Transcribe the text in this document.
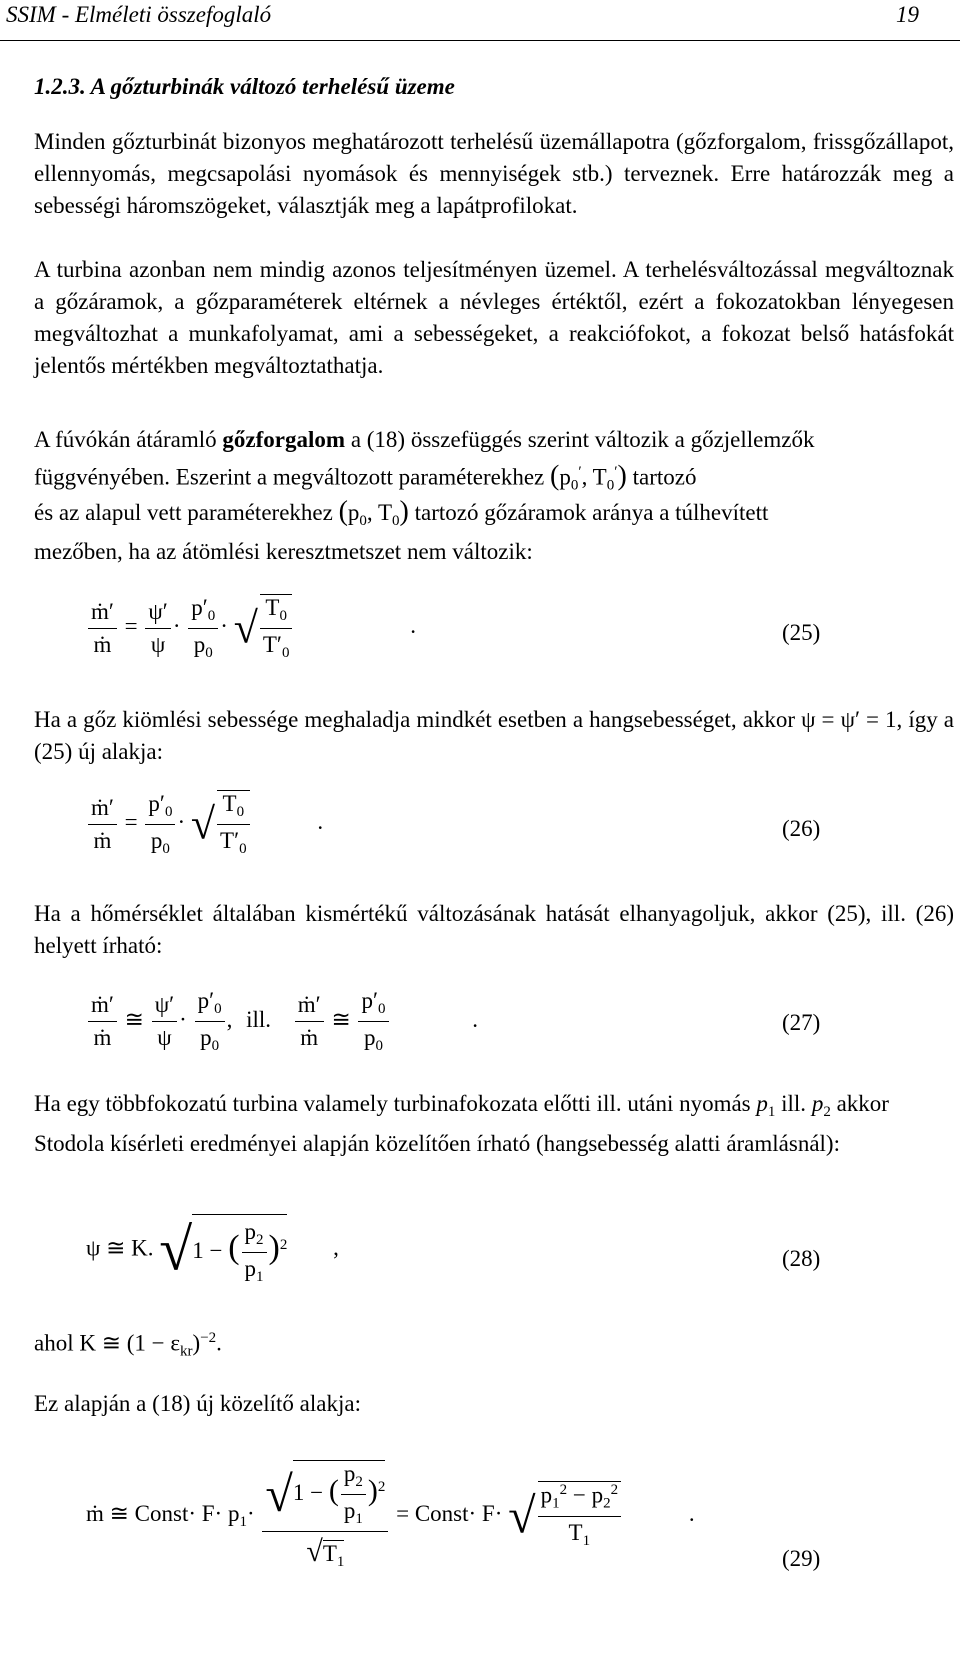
SSIM - Elméleti összefoglaló	19
1.2.3. A gőzturbinák változó terhelésű üzeme

Minden gőzturbinát bizonyos meghatározott terhelésű üzemállapotra (gőzforgalom, frissgőzállapot, ellennyomás, megcsapolási nyomások és mennyiségek stb.) terveznek. Erre határozzák meg a sebességi háromszögeket, választják meg a lapátprofilokat.

A turbina azonban nem mindig azonos teljesítményen üzemel. A terhelésváltozással megváltoznak a gőzáramok, a gőzparaméterek eltérnek a névleges értéktől, ezért a fokozatokban lényegesen megváltozhat a munkafolyamat, ami a sebességeket, a reakciófokot, a fokozat belső hatásfokát jelentős mértékben megváltoztathatja.

A fúvókán átáramló gőzforgalom a (18) összefüggés szerint változik a gőzjellemzők függvényében. Eszerint a megváltozott paraméterekhez ($p_0'$, $T_0'$) tartozó

és az alapul vett paraméterekhez ($p_0$, $T_0$) tartozó gőzáramok aránya a túlhevített

mezőben, ha az átömlési keresztmetszet nem változik:

$\frac{\text{ṁ′}}{\text{ṁ}} = \frac{\psi'}{\psi} \cdot \frac{p'_0}{p_0}$ · √ $\frac{T_0}{T'_0}$	.	(25)

Ha a gőz kiömlési sebessége meghaladja mindkét esetben a hangsebességet, akkor ψ = ψ′ = 1, így a (25) új alakja:

$\frac{\text{ṁ′}}{\text{ṁ}} = \frac{p'_0}{p_0}$ · √ $\frac{T_0}{T'_0}$	.	(26)

Ha a hőmérséklet általában kismértékű változásának hatását elhanyagoljuk, akkor (25), ill. (26) helyett írható:

$\frac{\text{ṁ′}}{\text{ṁ}}$ ≅ $\frac{\psi'}{\psi} \cdot \frac{p'_0}{p_0}$ , ill. $\frac{\text{ṁ′}}{\text{ṁ}}$ ≅ $\frac{p'_0}{p_0}$	.	(27)

Ha egy többfokozatú turbina valamely turbinafokozata előtti ill. utáni nyomás $p_1$ ill. $p_2$ akkor Stodola kísérleti eredményei alapján közelítően írható (hangsebesség alatti áramlásnál):

ψ ≅ K. √1 − ( $\frac{p_2}{p_1} )^2$ ,	(28)
ahol K ≅ $(1 - \varepsilon_{kr})^{-2}$.

Ez alapján a (18) új közelítő alakja:

ṁ ≅ Const· $F\cdot p_1\cdot \frac{√1 - ( \frac{p_2}{p_1} )^2}{√T_1}$ = Const· F· √ $\frac{p_1^2 - p_2^2}{T_1}$	.
(29)
